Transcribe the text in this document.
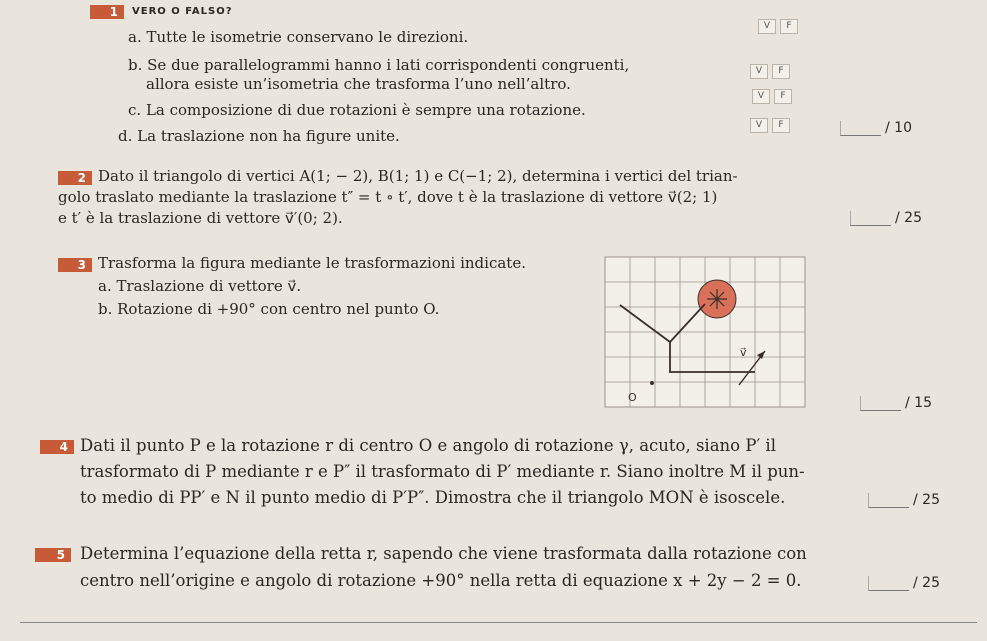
1	VERO O FALSO?
V	F
a. Tutte le isometrie conservano le direzioni.
b. Se due parallelogrammi hanno i lati corrispondenti congruenti,
allora esiste un’isometria che trasforma l’uno nell’altro.
V	F
c. La composizione di due rotazioni è sempre una rotazione.
V	F
d. La traslazione non ha figure unite.
V	F	/ 10
2 Dato il triangolo di vertici A(1; − 2), B(1; 1) e C(−1; 2), determina i vertici del trian-
golo traslato mediante la traslazione t″ = t ∘ t′, dove t è la traslazione di vettore v⃗(2; 1)
e t′ è la traslazione di vettore v⃗′(0; 2).	/ 25
3 Trasforma la figura mediante le trasformazioni indicate.
a. Traslazione di vettore v⃗.
b. Rotazione di +90° con centro nel punto O.
v⃗
O	/ 15
4 Dati il punto P e la rotazione r di centro O e angolo di rotazione γ, acuto, siano P′ il
trasformato di P mediante r e P″ il trasformato di P′ mediante r. Siano inoltre M il pun-
to medio di PP′ e N il punto medio di P′P″. Dimostra che il triangolo MON è isoscele.	/ 25
5 Determina l’equazione della retta r, sapendo che viene trasformata dalla rotazione con
centro nell’origine e angolo di rotazione +90° nella retta di equazione x + 2y − 2 = 0.	/ 25
